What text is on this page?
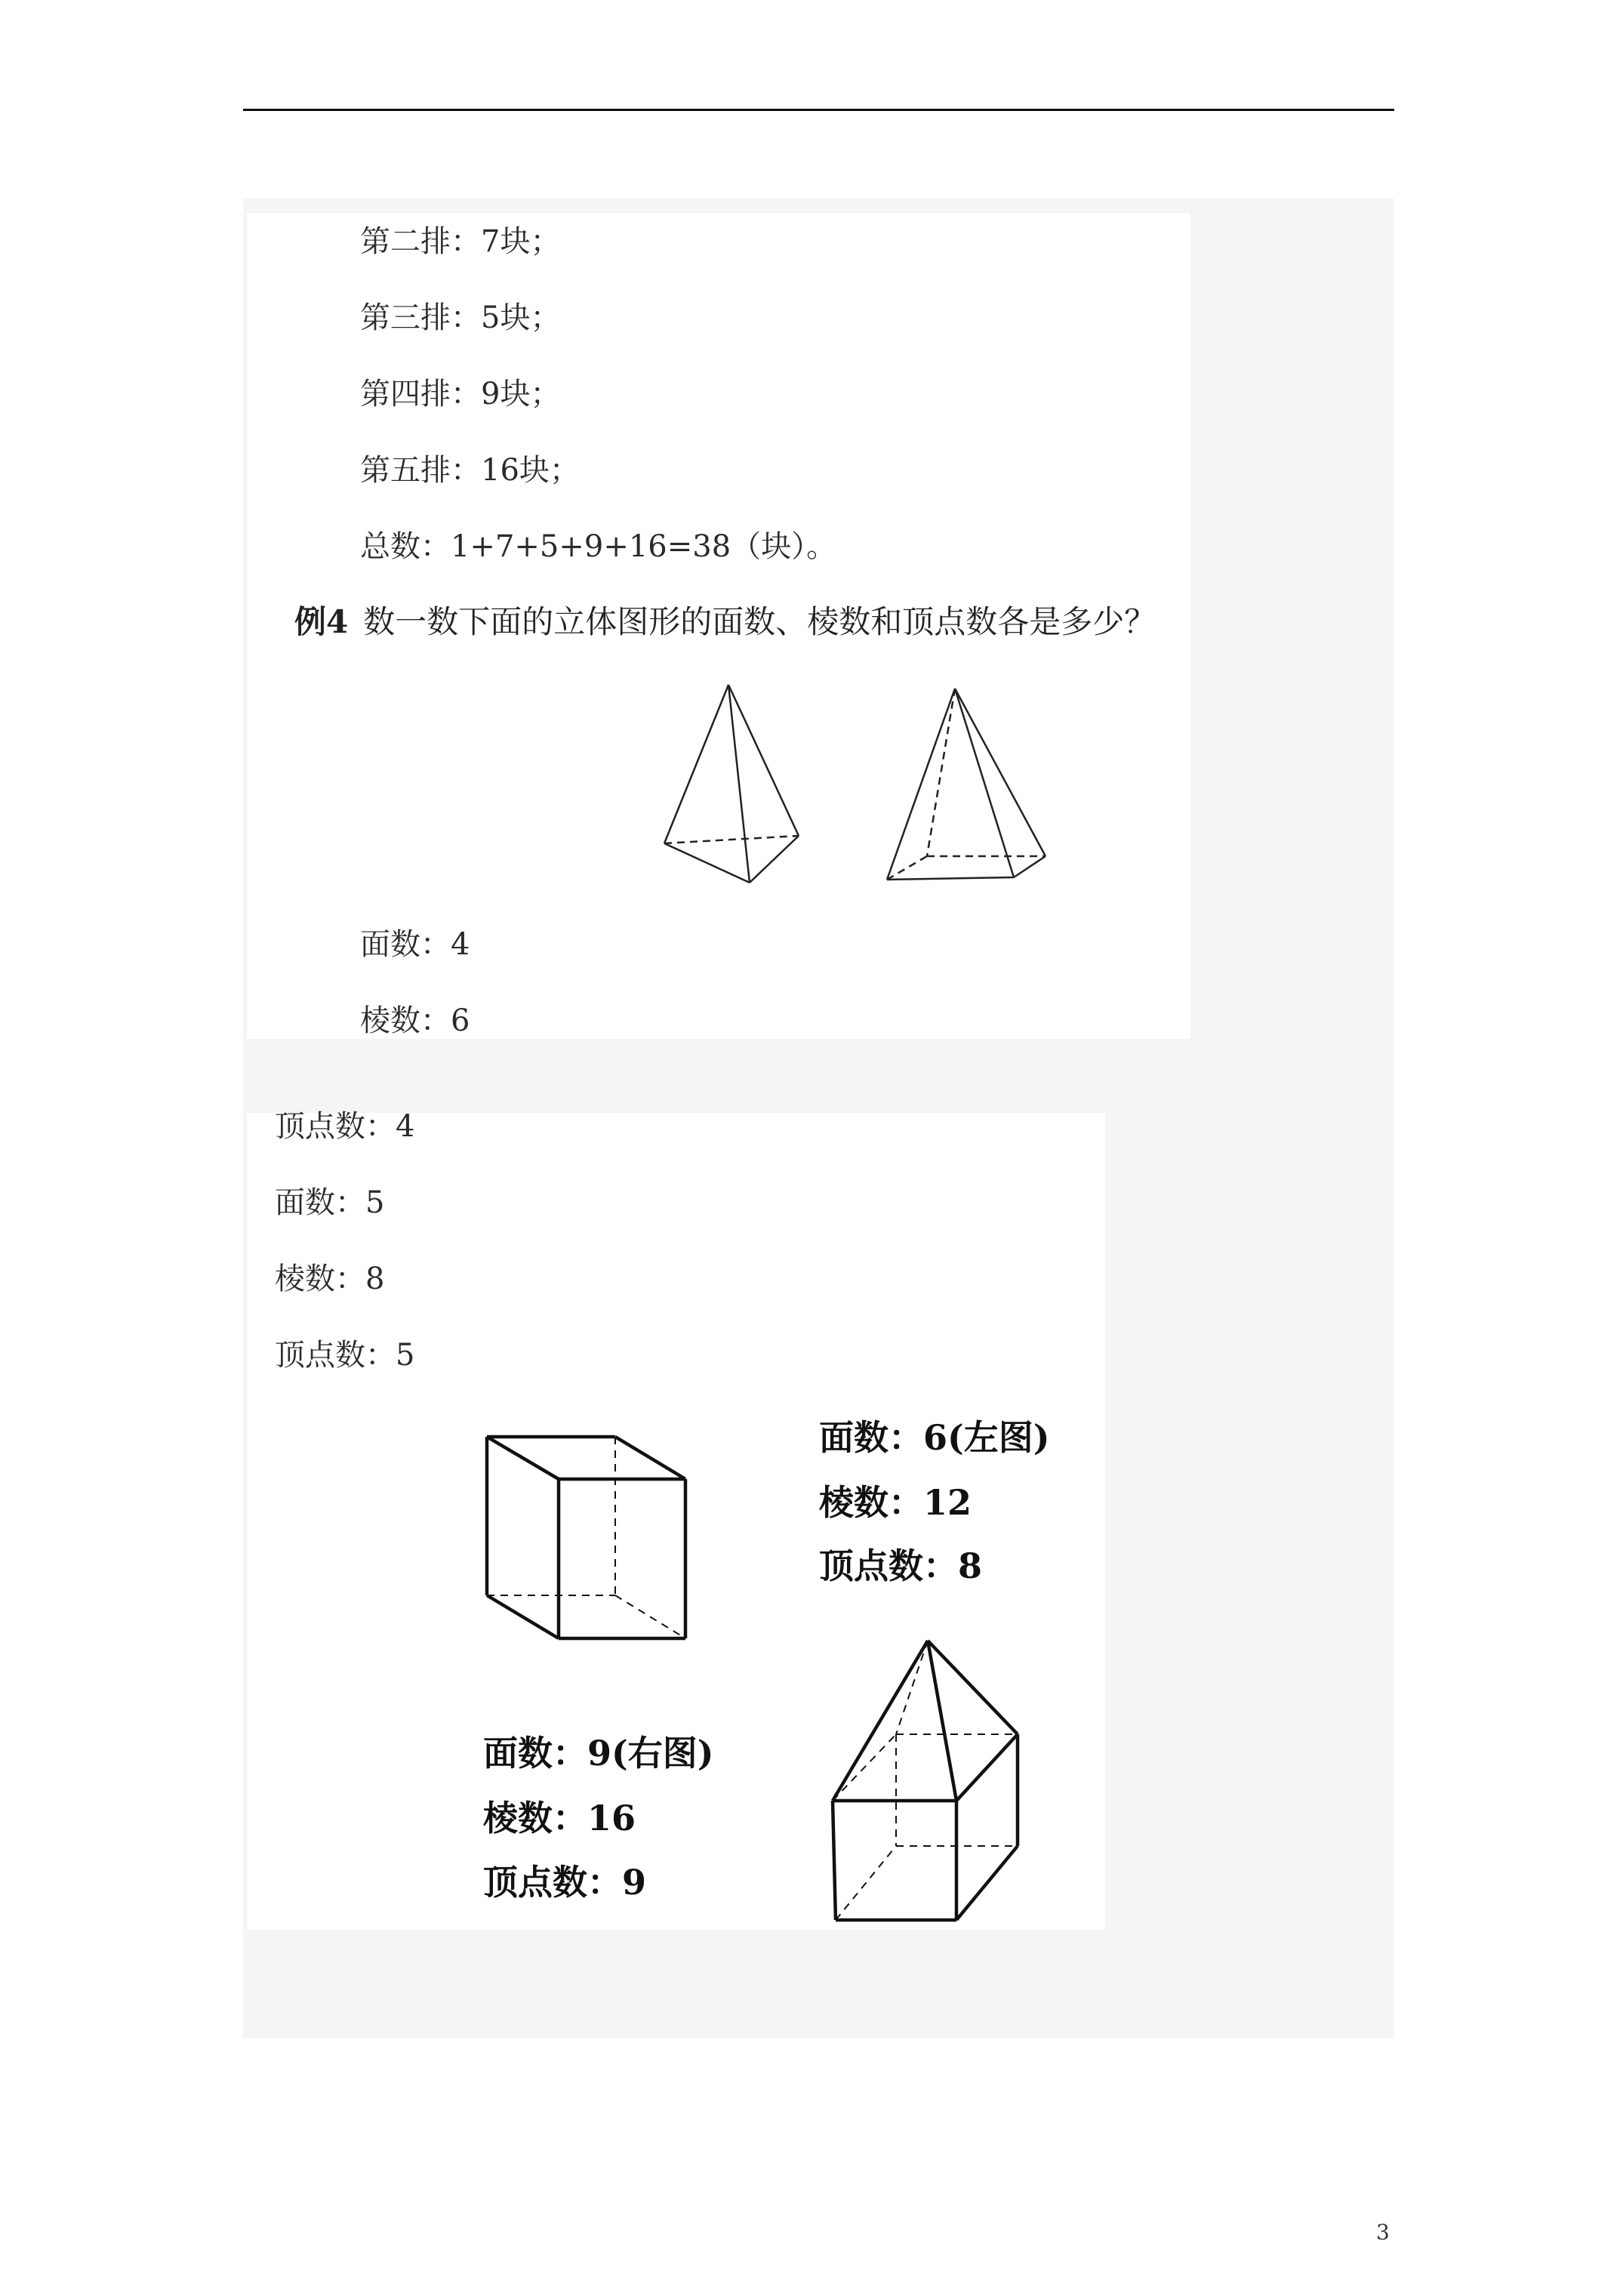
第二排：7块；
第三排：5块；
第四排：9块；
第五排：16块；
总数：1+7+5+9+16=38（块）。
例4 数一数下面的立体图形的面数、棱数和顶点数各是多少？
面数：4
棱数：6
顶点数：4
面数：5
棱数：8
顶点数：5
面数：6(左图)
棱数：12
顶点数：8
面数：9(右图)
棱数：16
顶点数：9
3
